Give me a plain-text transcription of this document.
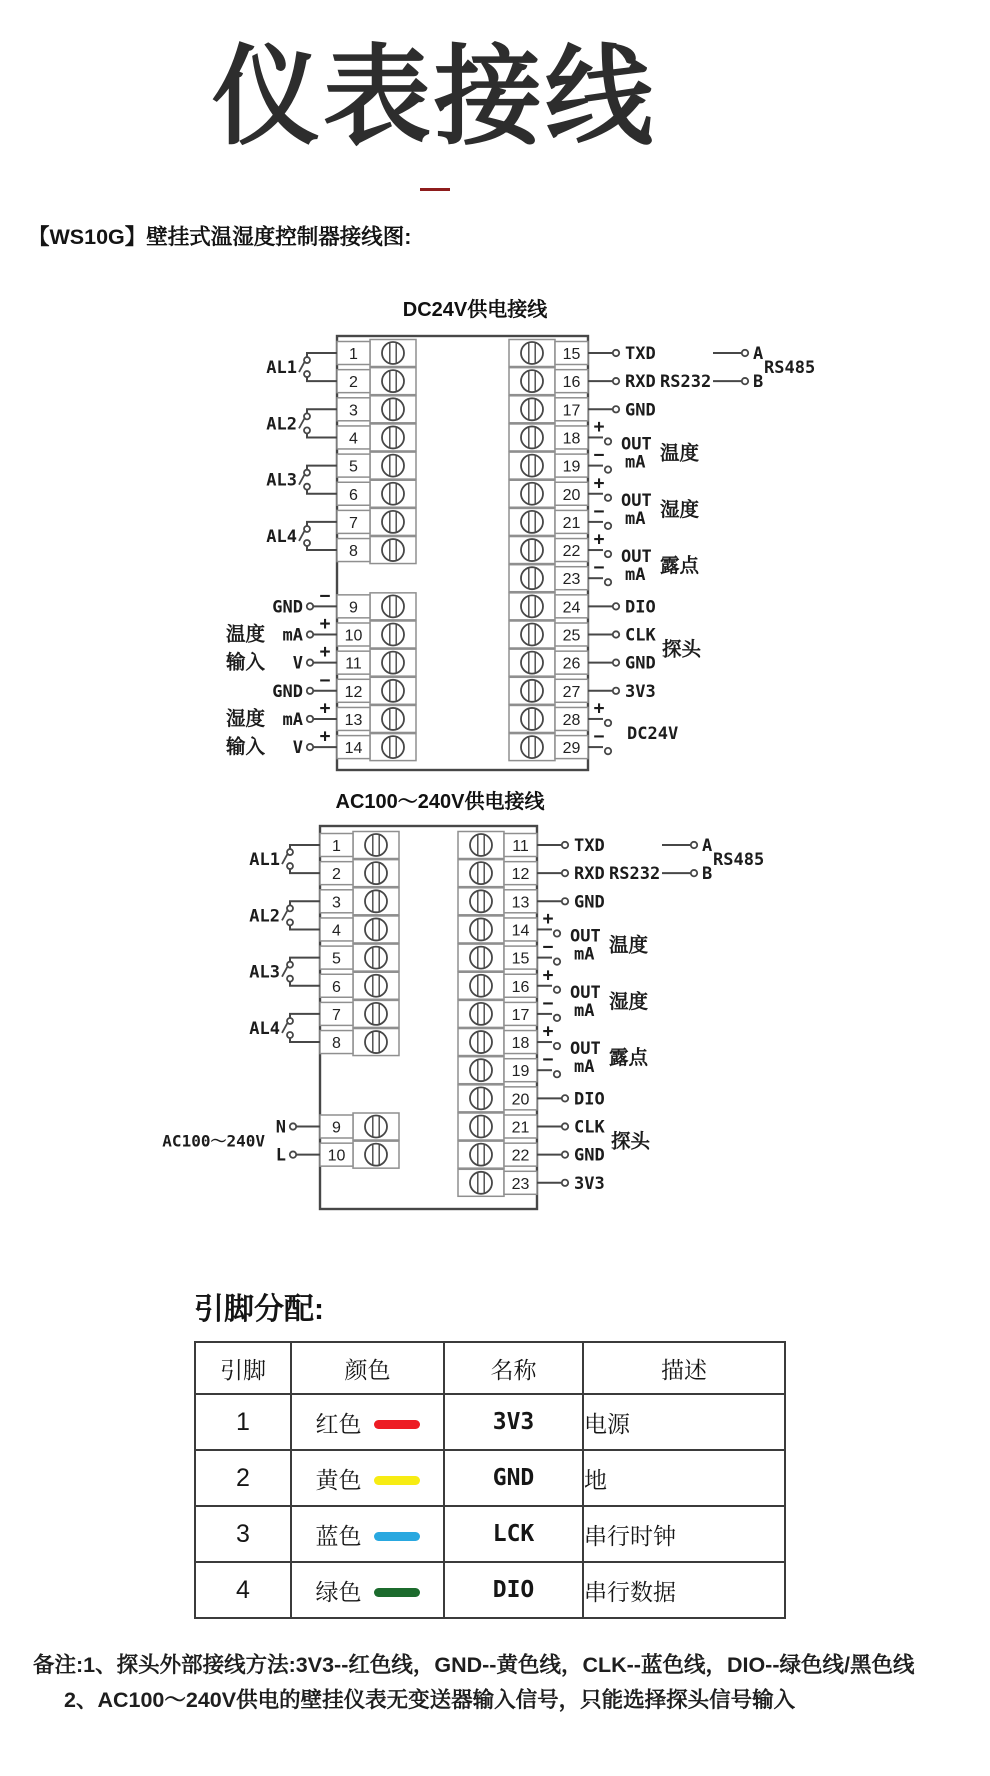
仪表接线
【WS10G】壁挂式温湿度控制器接线图:
DC24V供电接线
1
2
3
4
5
6
7
8
9
10
11
12
13
14
15
16
17
18
19
20
21
22
23
24
25
26
27
28
29
AL1
AL2
AL3
AL4
−
GND
+
mA
+
V
温度
输入
−
GND
+
mA
+
V
湿度
输入
TXD
RXD RS232
GND
A
B
RS485
+
−
OUT
mA 温度
+
−
OUT
mA 湿度
+
−
OUT
mA 露点
DIO
CLK
GND
3V3
探头
+
− DC24V
AC100～240V供电接线
1
2
3
4
5
6
7
8
9
10
11
12
13
14
15
16
17
18
19
20
21
22
23
AL1
AL2
AL3
AL4
N
L
AC100～240V
TXD
RXD RS232
GND
A
B
RS485
+
−
OUT
mA 温度
+
−
OUT
mA 湿度
+
−
OUT
mA 露点
DIO
CLK
GND
3V3
探头
引脚分配:
引脚	颜色	名称	描述
1	红色	3V3	电源
2	黄色	GND	地
3	蓝色	LCK	串行时钟
4	绿色	DIO	串行数据
备注:1、探头外部接线方法:3V3--红色线，GND--黄色线，CLK--蓝色线，DIO--绿色线/黑色线
2、AC100～240V供电的壁挂仪表无变送器输入信号，只能选择探头信号输入
